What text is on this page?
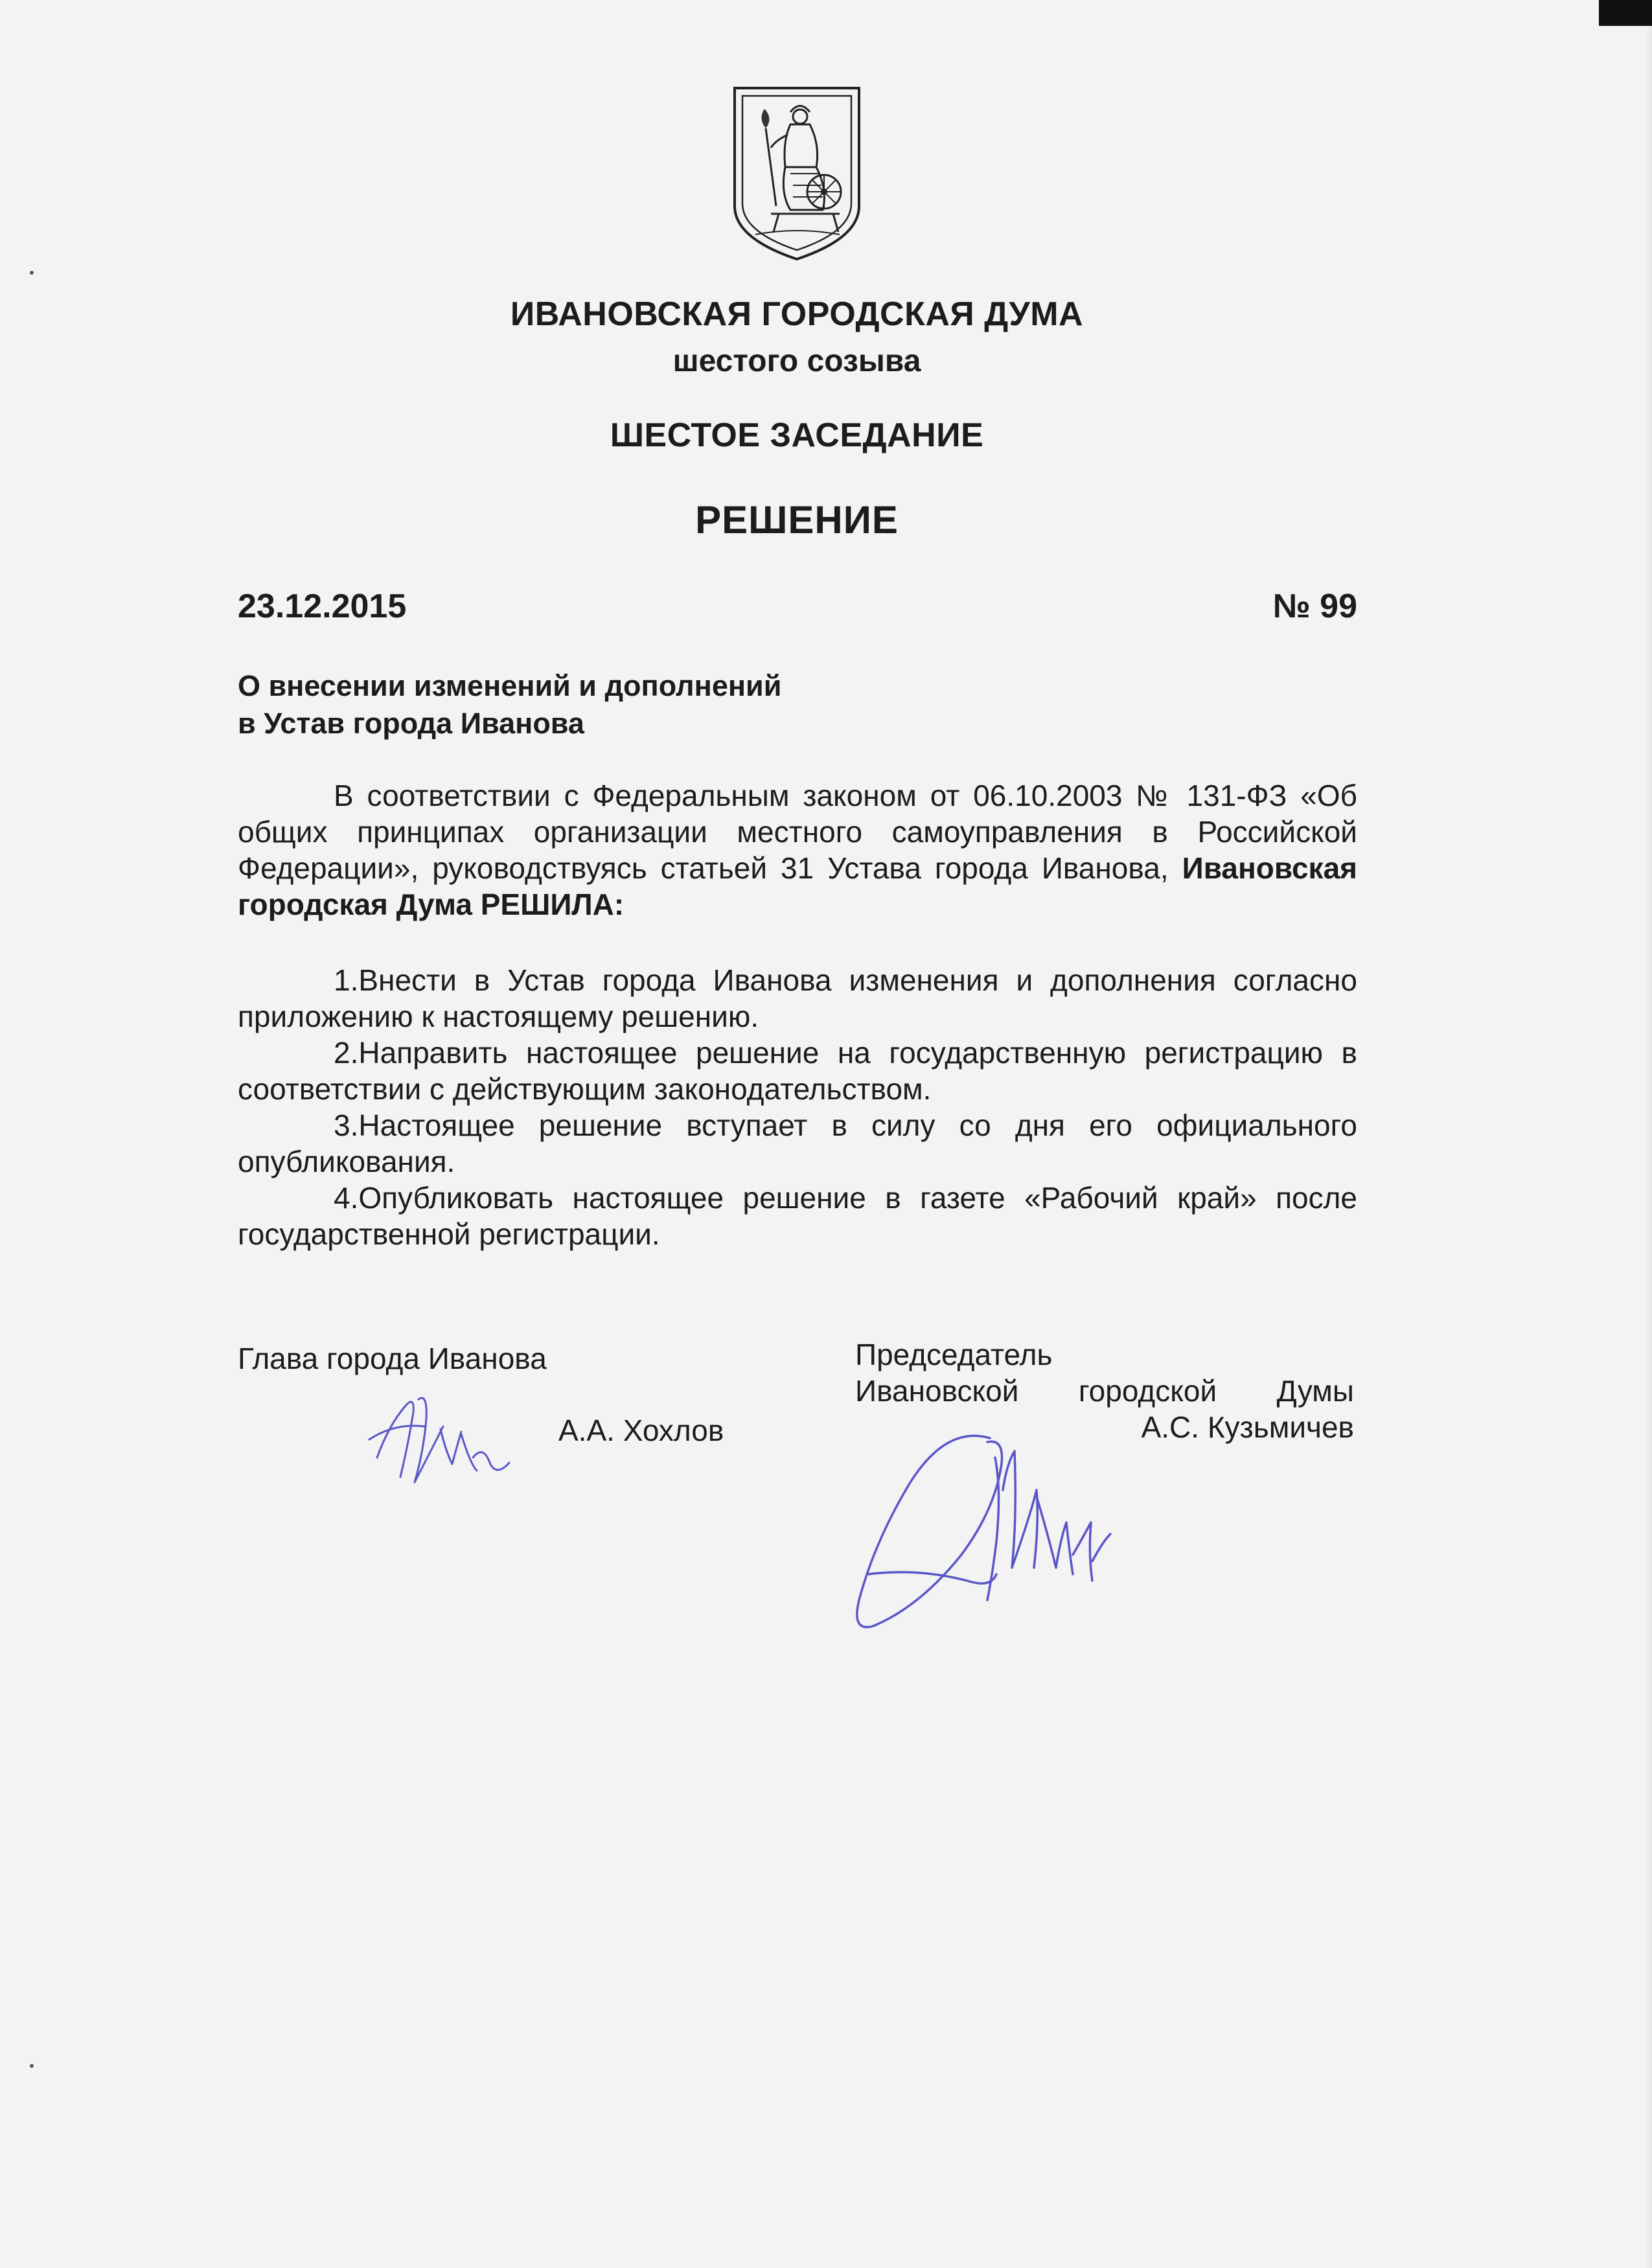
ИВАНОВСКАЯ ГОРОДСКАЯ ДУМА
шестого созыва
ШЕСТОЕ ЗАСЕДАНИЕ
РЕШЕНИЕ
23.12.2015	№ 99
О внесении изменений и дополнений
в Устав города Иванова

В соответствии с Федеральным законом от 06.10.2003 № 131-ФЗ «Об общих принципах организации местного самоуправления в Российской Федерации», руководствуясь статьей 31 Устава города Иванова, Ивановская городская Дума РЕШИЛА:

1.Внести в Устав города Иванова изменения и дополнения согласно приложению к настоящему решению.

2.Направить настоящее решение на государственную регистрацию в соответствии с действующим законодательством.

3.Настоящее решение вступает в силу со дня его официального опубликования.

4.Опубликовать настоящее решение в газете «Рабочий край» после государственной регистрации.

Глава города Иванова
А.А. Хохлов
Председатель
Ивановской городской Думы
А.С. Кузьмичев
